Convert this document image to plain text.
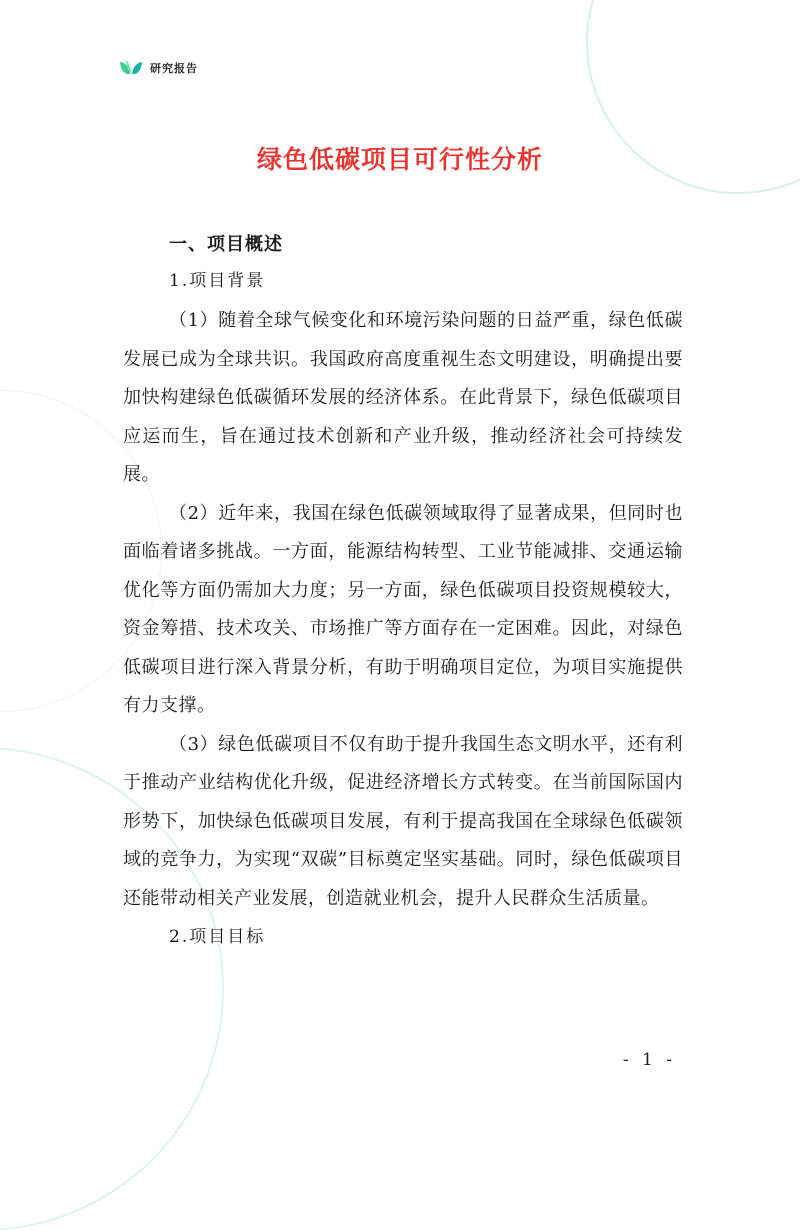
研究报告
绿色低碳项目可行性分析
一、项目概述
1.项目背景

（1）随着全球气候变化和环境污染问题的日益严重，绿色低碳发展已成为全球共识。我国政府高度重视生态文明建设，明确提出要加快构建绿色低碳循环发展的经济体系。在此背景下，绿色低碳项目应运而生，旨在通过技术创新和产业升级，推动经济社会可持续发展。

（2）近年来，我国在绿色低碳领域取得了显著成果，但同时也面临着诸多挑战。一方面，能源结构转型、工业节能减排、交通运输优化等方面仍需加大力度；另一方面，绿色低碳项目投资规模较大，资金筹措、技术攻关、市场推广等方面存在一定困难。因此，对绿色低碳项目进行深入背景分析，有助于明确项目定位，为项目实施提供有力支撑。

（3）绿色低碳项目不仅有助于提升我国生态文明水平，还有利于推动产业结构优化升级，促进经济增长方式转变。在当前国际国内形势下，加快绿色低碳项目发展，有利于提高我国在全球绿色低碳领域的竞争力，为实现“双碳”目标奠定坚实基础。同时，绿色低碳项目还能带动相关产业发展，创造就业机会，提升人民群众生活质量。

2.项目目标
- 1 -
